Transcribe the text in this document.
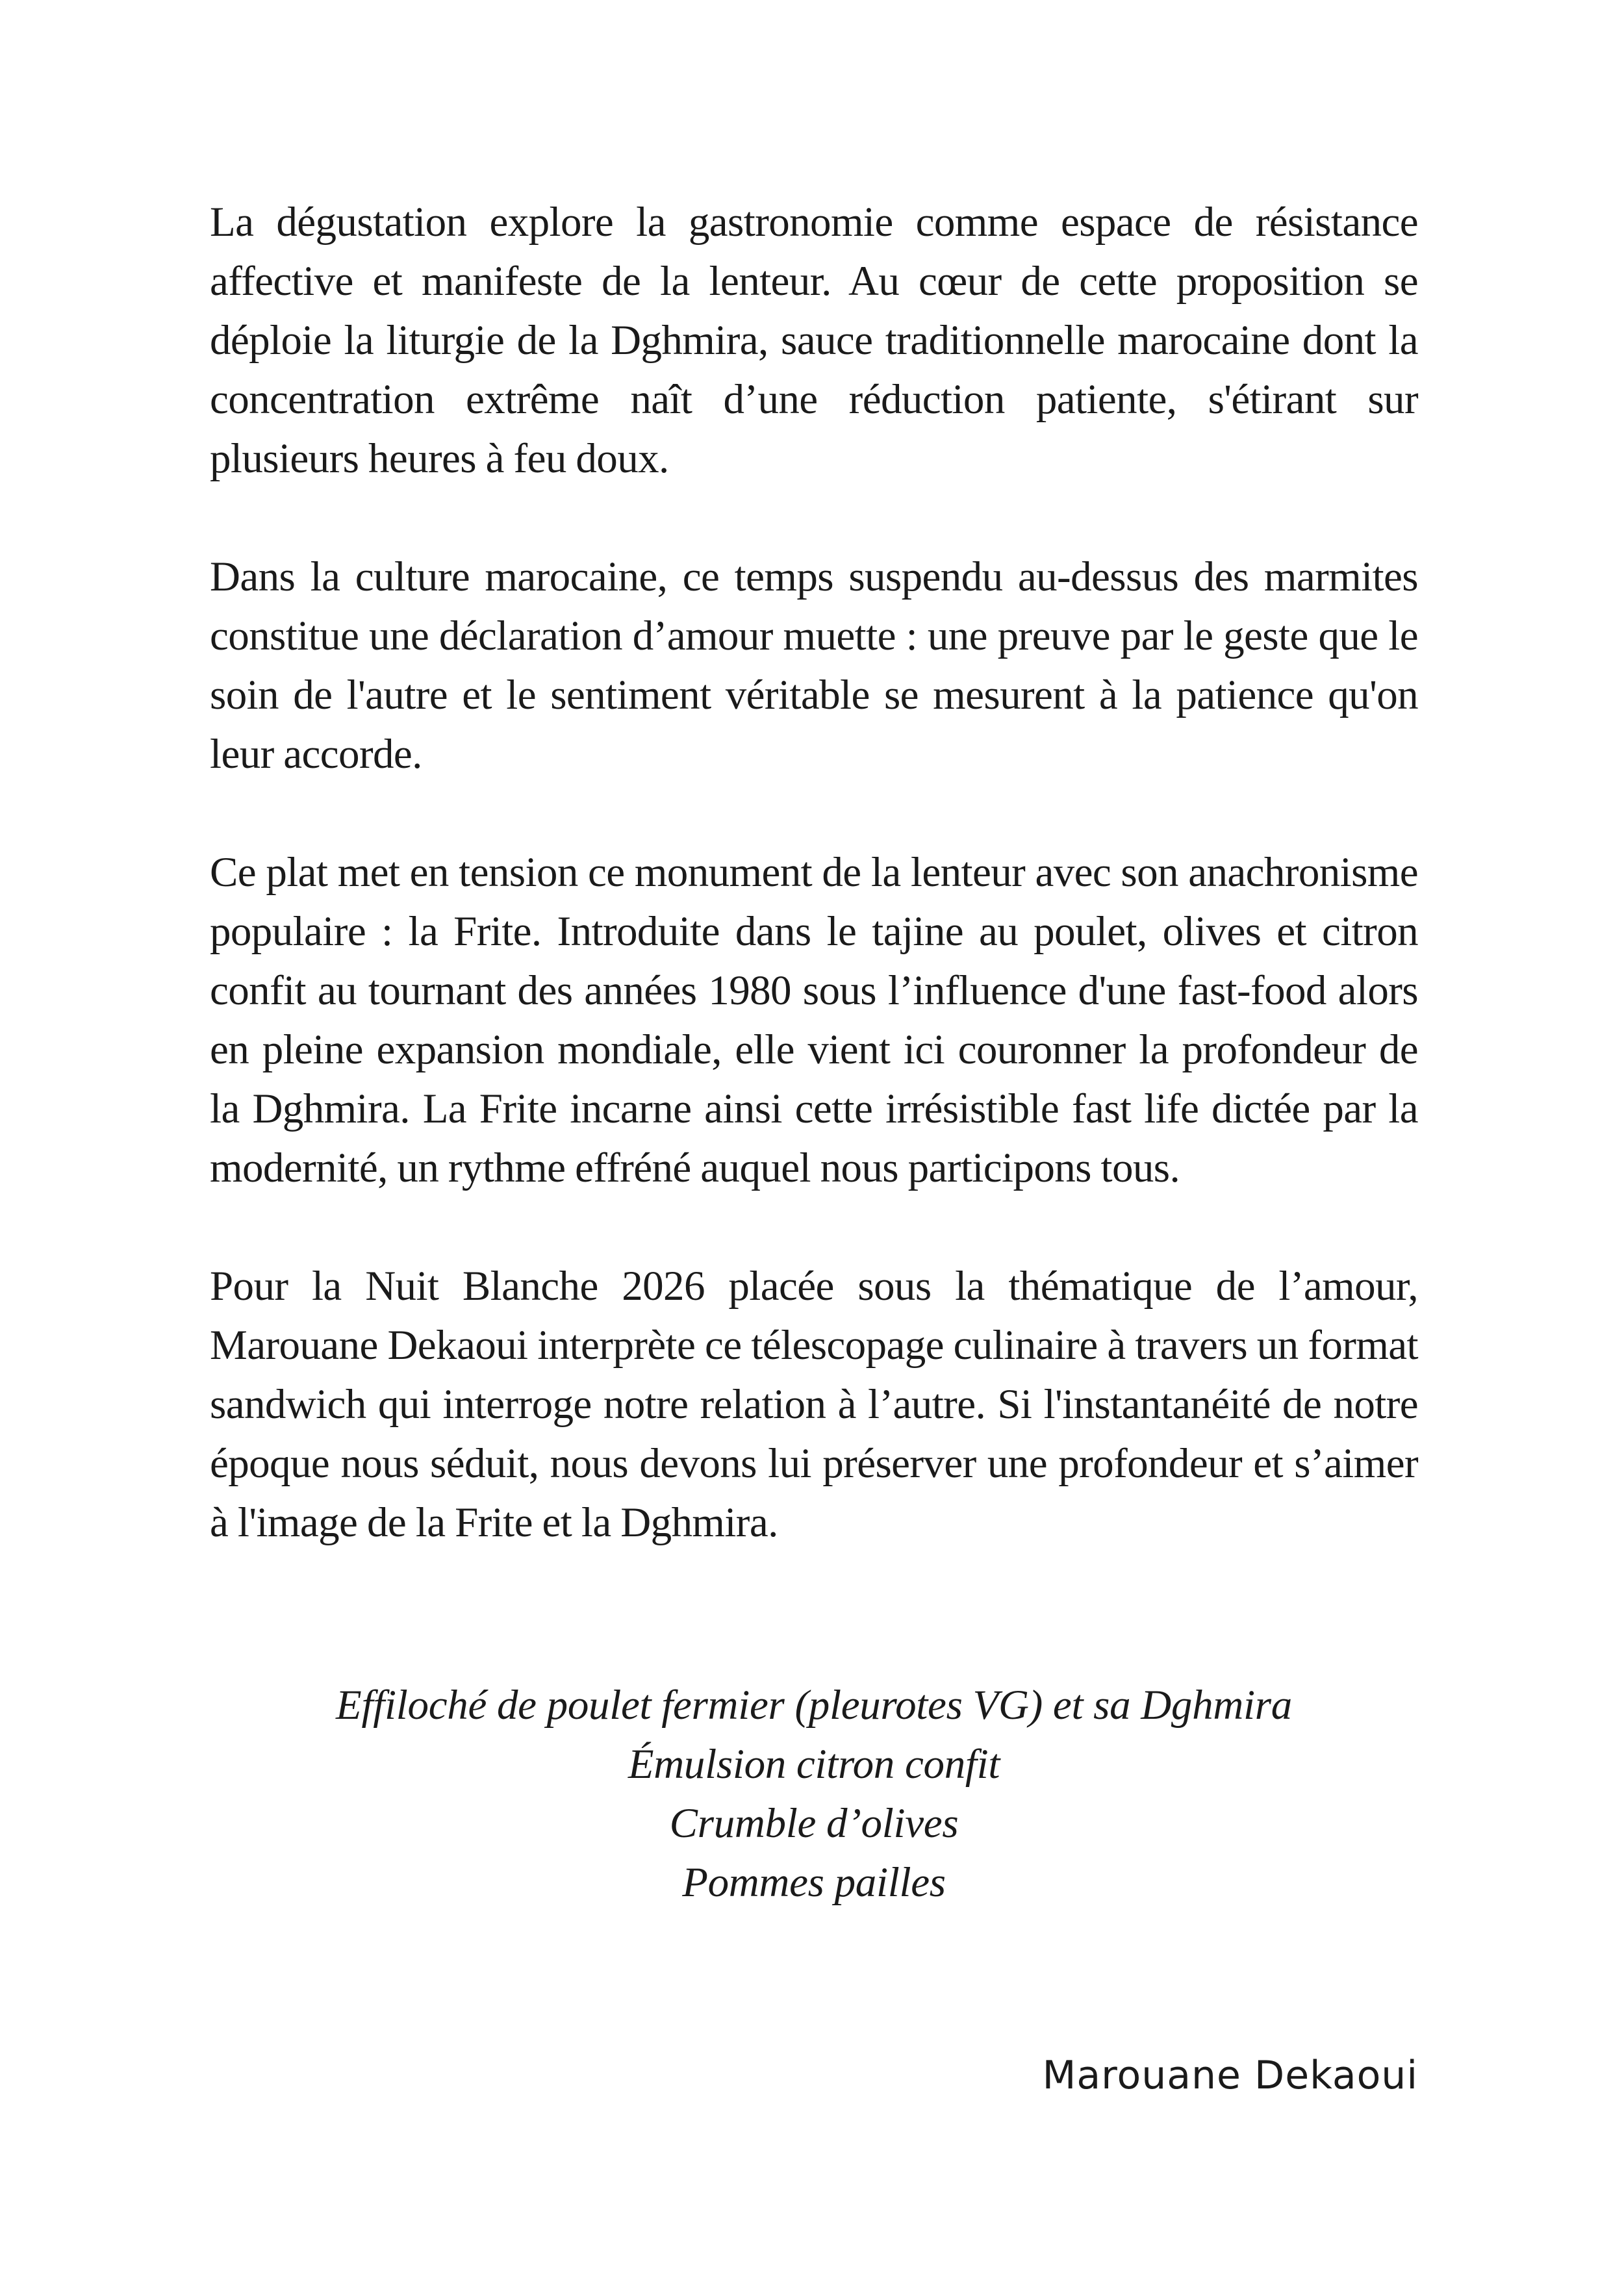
La dégustation explore la gastronomie comme espace de résistance affective et manifeste de la lenteur. Au cœur de cette proposition se déploie la liturgie de la Dghmira, sauce traditionnelle marocaine dont la concentration extrême naît d’une réduction patiente, s'étirant sur plusieurs heures à feu doux.

Dans la culture marocaine, ce temps suspendu au-dessus des marmites constitue une déclaration d’amour muette : une preuve par le geste que le soin de l'autre et le sentiment véritable se mesurent à la patience qu'on leur accorde.

Ce plat met en tension ce monument de la lenteur avec son anachronisme populaire : la Frite. Introduite dans le tajine au poulet, olives et citron confit au tournant des années 1980 sous l’influence d'une fast-food alors en pleine expansion mondiale, elle vient ici couronner la profondeur de la Dghmira. La Frite incarne ainsi cette irrésistible fast life dictée par la modernité, un rythme effréné auquel nous participons tous.

Pour la Nuit Blanche 2026 placée sous la thématique de l’amour, Marouane Dekaoui interprète ce télescopage culinaire à travers un format sandwich qui interroge notre relation à l’autre. Si l'instantanéité de notre époque nous séduit, nous devons lui préserver une profondeur et s’aimer à l'image de la Frite et la Dghmira.

Effiloché de poulet fermier (pleurotes VG) et sa Dghmira
Émulsion citron confit
Crumble d’olives
Pommes pailles
Marouane Dekaoui
